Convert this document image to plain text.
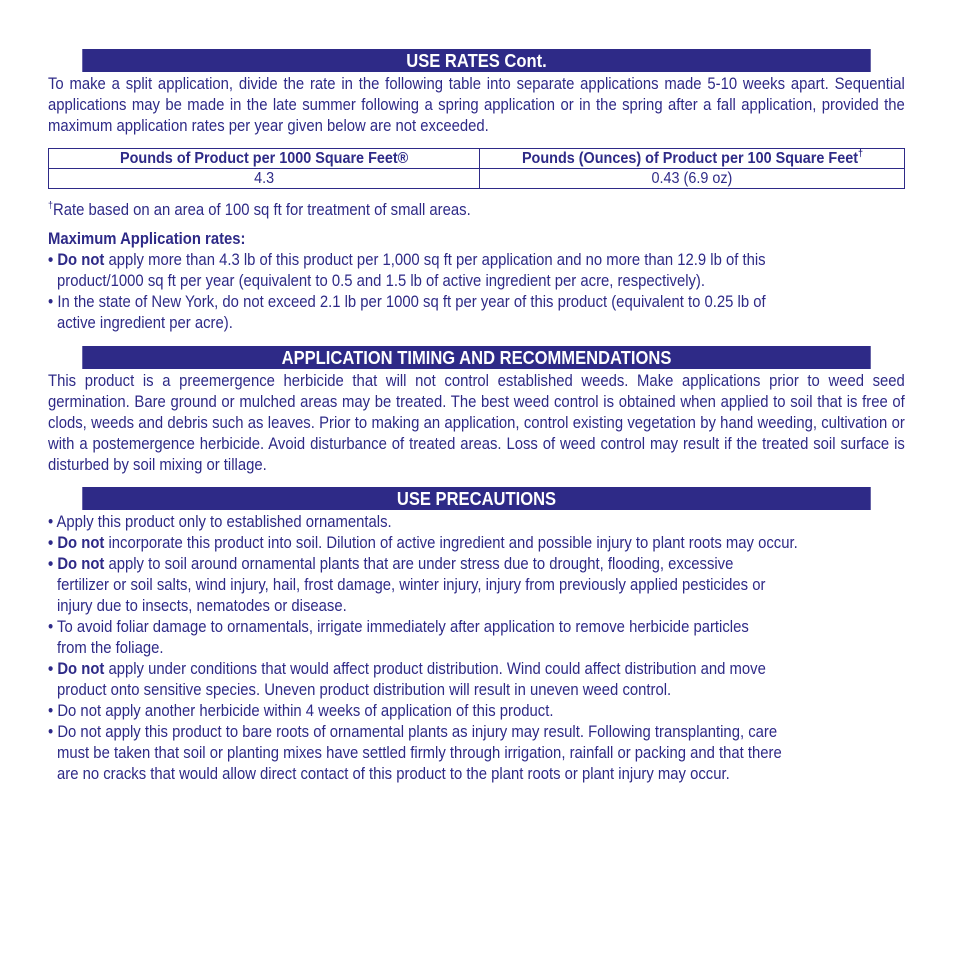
USE RATES Cont.
To make a split application, divide the rate in the following table into separate applications made 5-10 weeks apart. Sequential applications may be made in the late summer following a spring application or in the spring after a fall application, provided the maximum application rates per year given below are not exceeded.
Pounds of Product per 1000 Square Feet®	Pounds (Ounces) of Product per 100 Square Feet†
4.3	0.43 (6.9 oz)
†Rate based on an area of 100 sq ft for treatment of small areas.
Maximum Application rates:
• Do not apply more than 4.3 lb of this product per 1,000 sq ft per application and no more than 12.9 lb of this
product/1000 sq ft per year (equivalent to 0.5 and 1.5 lb of active ingredient per acre, respectively).
• In the state of New York, do not exceed 2.1 lb per 1000 sq ft per year of this product (equivalent to 0.25 lb of
active ingredient per acre).
APPLICATION TIMING AND RECOMMENDATIONS
This product is a preemergence herbicide that will not control established weeds. Make applications prior to weed seed germination. Bare ground or mulched areas may be treated. The best weed control is obtained when applied to soil that is free of clods, weeds and debris such as leaves. Prior to making an application, control existing vegetation by hand weeding, cultivation or with a postemergence herbicide. Avoid disturbance of treated areas. Loss of weed control may result if the treated soil surface is disturbed by soil mixing or tillage.
USE PRECAUTIONS
• Apply this product only to established ornamentals.
• Do not incorporate this product into soil. Dilution of active ingredient and possible injury to plant roots may occur.
• Do not apply to soil around ornamental plants that are under stress due to drought, flooding, excessive
fertilizer or soil salts, wind injury, hail, frost damage, winter injury, injury from previously applied pesticides or
injury due to insects, nematodes or disease.
• To avoid foliar damage to ornamentals, irrigate immediately after application to remove herbicide particles
from the foliage.
• Do not apply under conditions that would affect product distribution. Wind could affect distribution and move
product onto sensitive species. Uneven product distribution will result in uneven weed control.
• Do not apply another herbicide within 4 weeks of application of this product.
• Do not apply this product to bare roots of ornamental plants as injury may result. Following transplanting, care
must be taken that soil or planting mixes have settled firmly through irrigation, rainfall or packing and that there
are no cracks that would allow direct contact of this product to the plant roots or plant injury may occur.
